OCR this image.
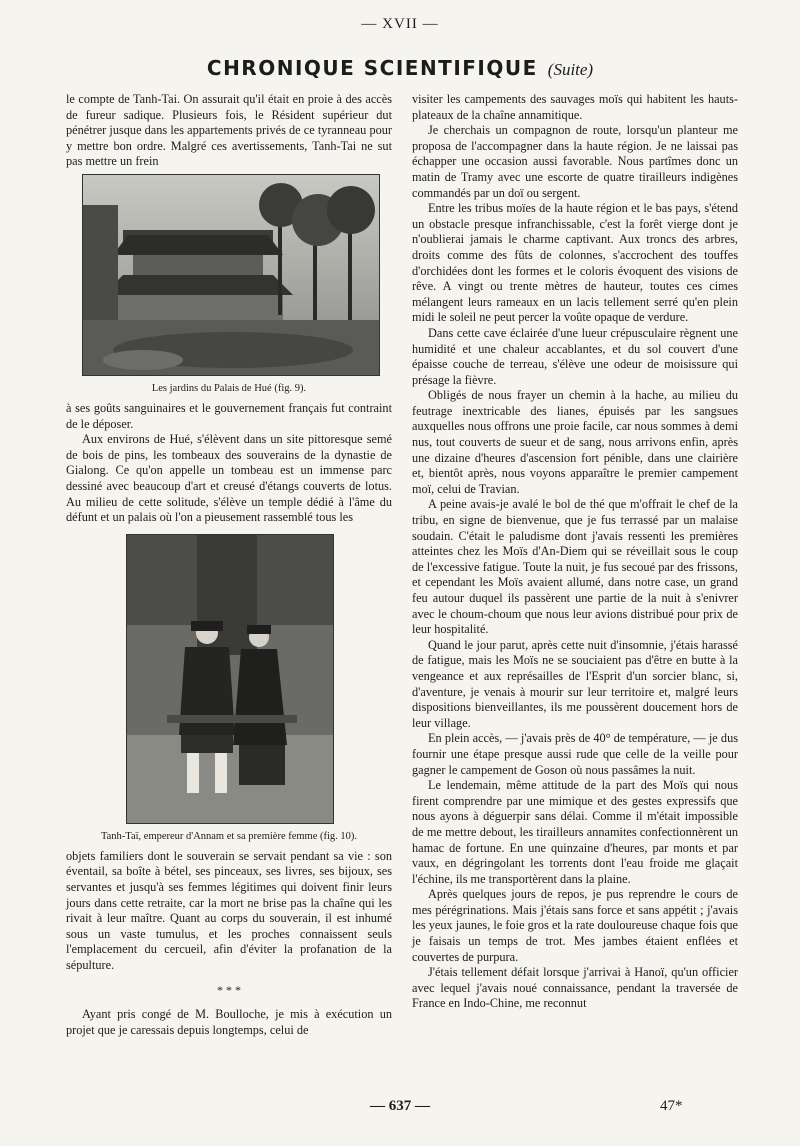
— XVII —
CHRONIQUE SCIENTIFIQUE (Suite)

le compte de Tanh-Tai. On assurait qu'il était en proie à des accès de fureur sadique. Plusieurs fois, le Résident supérieur dut pénétrer jusque dans les appartements privés de ce tyranneau pour y mettre bon ordre. Malgré ces avertissements, Tanh-Tai ne sut pas mettre un frein

Les jardins du Palais de Hué (fig. 9).

à ses goûts sanguinaires et le gouvernement français fut contraint de le déposer.

Aux environs de Hué, s'élèvent dans un site pittoresque semé de bois de pins, les tombeaux des souverains de la dynastie de Gialong. Ce qu'on appelle un tombeau est un immense parc dessiné avec beaucoup d'art et creusé d'étangs couverts de lotus. Au milieu de cette solitude, s'élève un temple dédié à l'âme du défunt et un palais où l'on a pieusement rassemblé tous les

Tanh-Taï, empereur d'Annam et sa première femme (fig. 10).

objets familiers dont le souverain se servait pendant sa vie : son éventail, sa boîte à bétel, ses pinceaux, ses livres, ses bijoux, ses servantes et jusqu'à ses femmes légitimes qui doivent finir leurs jours dans cette retraite, car la mort ne brise pas la chaîne qui les rivait à leur maître. Quant au corps du souverain, il est inhumé sous un vaste tumulus, et les proches connaissent seuls l'emplacement du cercueil, afin d'éviter la profanation de la sépulture.

* * *

Ayant pris congé de M. Boulloche, je mis à exécution un projet que je caressais depuis longtemps, celui de

visiter les campements des sauvages moïs qui habitent les hauts-plateaux de la chaîne annamitique.

Je cherchais un compagnon de route, lorsqu'un planteur me proposa de l'accompagner dans la haute région. Je ne laissai pas échapper une occasion aussi favorable. Nous partîmes donc un matin de Tramy avec une escorte de quatre tirailleurs indigènes commandés par un doï ou sergent.

Entre les tribus moïes de la haute région et le bas pays, s'étend un obstacle presque infranchissable, c'est la forêt vierge dont je n'oublierai jamais le charme captivant. Aux troncs des arbres, droits comme des fûts de colonnes, s'accrochent des touffes d'orchidées dont les formes et le coloris évoquent des visions de rêve. A vingt ou trente mètres de hauteur, toutes ces cimes mélangent leurs rameaux en un lacis tellement serré qu'en plein midi le soleil ne peut percer la voûte opaque de verdure.

Dans cette cave éclairée d'une lueur crépusculaire règnent une humidité et une chaleur accablantes, et du sol couvert d'une épaisse couche de terreau, s'élève une odeur de moisissure qui présage la fièvre.

Obligés de nous frayer un chemin à la hache, au milieu du feutrage inextricable des lianes, épuisés par les sangsues auxquelles nous offrons une proie facile, car nous sommes à demi nus, tout couverts de sueur et de sang, nous arrivons enfin, après une dizaine d'heures d'ascension fort pénible, dans une clairière et, bientôt après, nous voyons apparaître le premier campement moï, celui de Travian.

A peine avais-je avalé le bol de thé que m'offrait le chef de la tribu, en signe de bienvenue, que je fus terrassé par un malaise soudain. C'était le paludisme dont j'avais ressenti les premières atteintes chez les Moïs d'An-Diem qui se réveillait sous le coup de l'excessive fatigue. Toute la nuit, je fus secoué par des frissons, et cependant les Moïs avaient allumé, dans notre case, un grand feu autour duquel ils passèrent une partie de la nuit à s'enivrer avec le choum-choum que nous leur avions distribué pour prix de leur hospitalité.

Quand le jour parut, après cette nuit d'insomnie, j'étais harassé de fatigue, mais les Moïs ne se souciaient pas d'être en butte à la vengeance et aux représailles de l'Esprit d'un sorcier blanc, si, d'aventure, je venais à mourir sur leur territoire et, malgré leurs dispositions bienveillantes, ils me poussèrent doucement hors de leur village.

En plein accès, — j'avais près de 40° de température, — je dus fournir une étape presque aussi rude que celle de la veille pour gagner le campement de Goson où nous passâmes la nuit.

Le lendemain, même attitude de la part des Moïs qui nous firent comprendre par une mimique et des gestes expressifs que nous ayons à déguerpir sans délai. Comme il m'était impossible de me mettre debout, les tirailleurs annamites confectionnèrent un hamac de fortune. En une quinzaine d'heures, par monts et par vaux, en dégringolant les torrents dont l'eau froide me glaçait l'échine, ils me transportèrent dans la plaine.

Après quelques jours de repos, je pus reprendre le cours de mes pérégrinations. Mais j'étais sans force et sans appétit ; j'avais les yeux jaunes, le foie gros et la rate douloureuse chaque fois que je faisais un temps de trot. Mes jambes étaient enflées et couvertes de purpura.

J'étais tellement défait lorsque j'arrivai à Hanoï, qu'un officier avec lequel j'avais noué connaissance, pendant la traversée de France en Indo-Chine, me reconnut

— 637 —	47*
